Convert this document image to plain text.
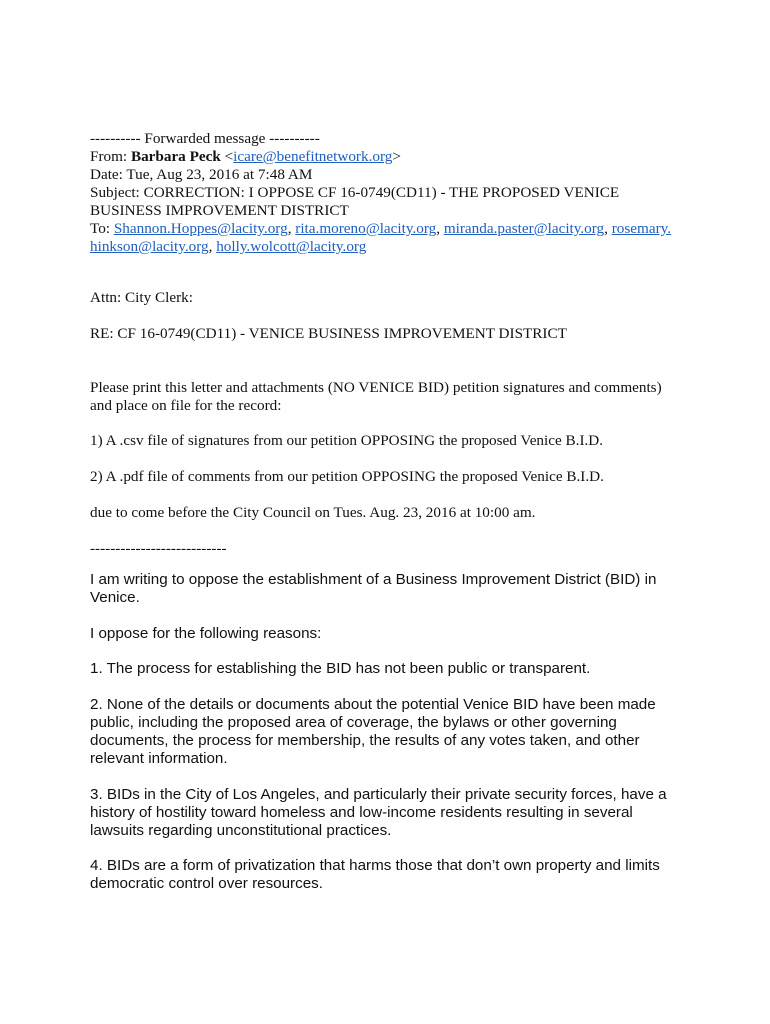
---------- Forwarded message ----------
From: Barbara Peck <icare@benefitnetwork.org>
Date: Tue, Aug 23, 2016 at 7:48 AM
Subject: CORRECTION: I OPPOSE CF 16-0749(CD11) - THE PROPOSED VENICE
BUSINESS IMPROVEMENT DISTRICT
To: Shannon.Hoppes@lacity.org, rita.moreno@lacity.org, miranda.paster@lacity.org, rosemary.
hinkson@lacity.org, holly.wolcott@lacity.org
Attn: City Clerk:
RE: CF 16-0749(CD11) - VENICE BUSINESS IMPROVEMENT DISTRICT
Please print this letter and attachments (NO VENICE BID) petition signatures and comments)
and place on file for the record:
1) A .csv file of signatures from our petition OPPOSING the proposed Venice B.I.D.
2) A .pdf file of comments from our petition OPPOSING the proposed Venice B.I.D.
due to come before the City Council on Tues. Aug. 23, 2016 at 10:00 am.
---------------------------
I am writing to oppose the establishment of a Business Improvement District (BID) in
Venice.
I oppose for the following reasons:
1. The process for establishing the BID has not been public or transparent.
2. None of the details or documents about the potential Venice BID have been made
public, including the proposed area of coverage, the bylaws or other governing
documents, the process for membership, the results of any votes taken, and other
relevant information.
3. BIDs in the City of Los Angeles, and particularly their private security forces, have a
history of hostility toward homeless and low-income residents resulting in several
lawsuits regarding unconstitutional practices.
4. BIDs are a form of privatization that harms those that don’t own property and limits
democratic control over resources.
